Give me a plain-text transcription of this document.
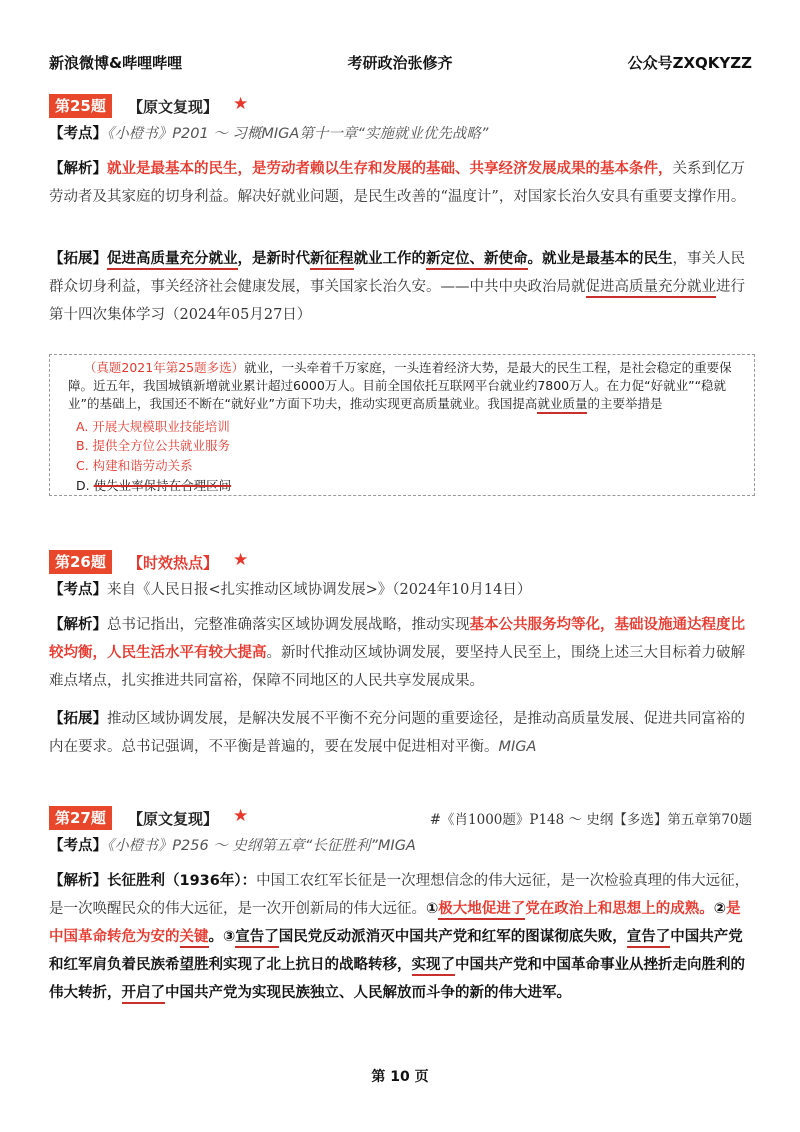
新浪微博&哔哩哔哩	考研政治张修齐	公众号ZXQKYZZ
第25题	【原文复现】 ★
【考点】《小橙书》P201 ～ 习概MIGA第十一章“实施就业优先战略”
【解析】就业是最基本的民生，是劳动者赖以生存和发展的基础、共享经济发展成果的基本条件，关系到亿万劳动者及其家庭的切身利益。解决好就业问题，是民生改善的“温度计”，对国家长治久安具有重要支撑作用。
【拓展】促进高质量充分就业，是新时代新征程就业工作的新定位、新使命。就业是最基本的民生，事关人民群众切身利益，事关经济社会健康发展，事关国家长治久安。——中共中央政治局就促进高质量充分就业进行第十四次集体学习（2024年05月27日）
（真题2021年第25题多选）就业，一头牵着千万家庭，一头连着经济大势，是最大的民生工程，是社会稳定的重要保障。近五年，我国城镇新增就业累计超过6000万人。目前全国依托互联网平台就业约7800万人。在力促“好就业”“稳就业”的基础上，我国还不断在“就好业”方面下功夫，推动实现更高质量就业。我国提高就业质量的主要举措是
A. 开展大规模职业技能培训
B. 提供全方位公共就业服务
C. 构建和谐劳动关系
D. 使失业率保持在合理区间
第26题	【时效热点】 ★
【考点】来自《人民日报<扎实推动区域协调发展>》（2024年10月14日）
【解析】总书记指出，完整准确落实区域协调发展战略，推动实现基本公共服务均等化，基础设施通达程度比较均衡，人民生活水平有较大提高。新时代推动区域协调发展，要坚持人民至上，围绕上述三大目标着力破解难点堵点，扎实推进共同富裕，保障不同地区的人民共享发展成果。
【拓展】推动区域协调发展，是解决发展不平衡不充分问题的重要途径，是推动高质量发展、促进共同富裕的内在要求。总书记强调，不平衡是普遍的，要在发展中促进相对平衡。MIGA
第27题	【原文复现】 ★	#《肖1000题》P148 ～ 史纲【多选】第五章第70题
【考点】《小橙书》P256 ～ 史纲第五章“长征胜利”MIGA
【解析】长征胜利（1936年）：中国工农红军长征是一次理想信念的伟大远征，是一次检验真理的伟大远征，是一次唤醒民众的伟大远征，是一次开创新局的伟大远征。①极大地促进了党在政治上和思想上的成熟。②是中国革命转危为安的关键。③宣告了国民党反动派消灭中国共产党和红军的图谋彻底失败，宣告了中国共产党和红军肩负着民族希望胜利实现了北上抗日的战略转移，实现了中国共产党和中国革命事业从挫折走向胜利的伟大转折，开启了中国共产党为实现民族独立、人民解放而斗争的新的伟大进军。
第 10 页
